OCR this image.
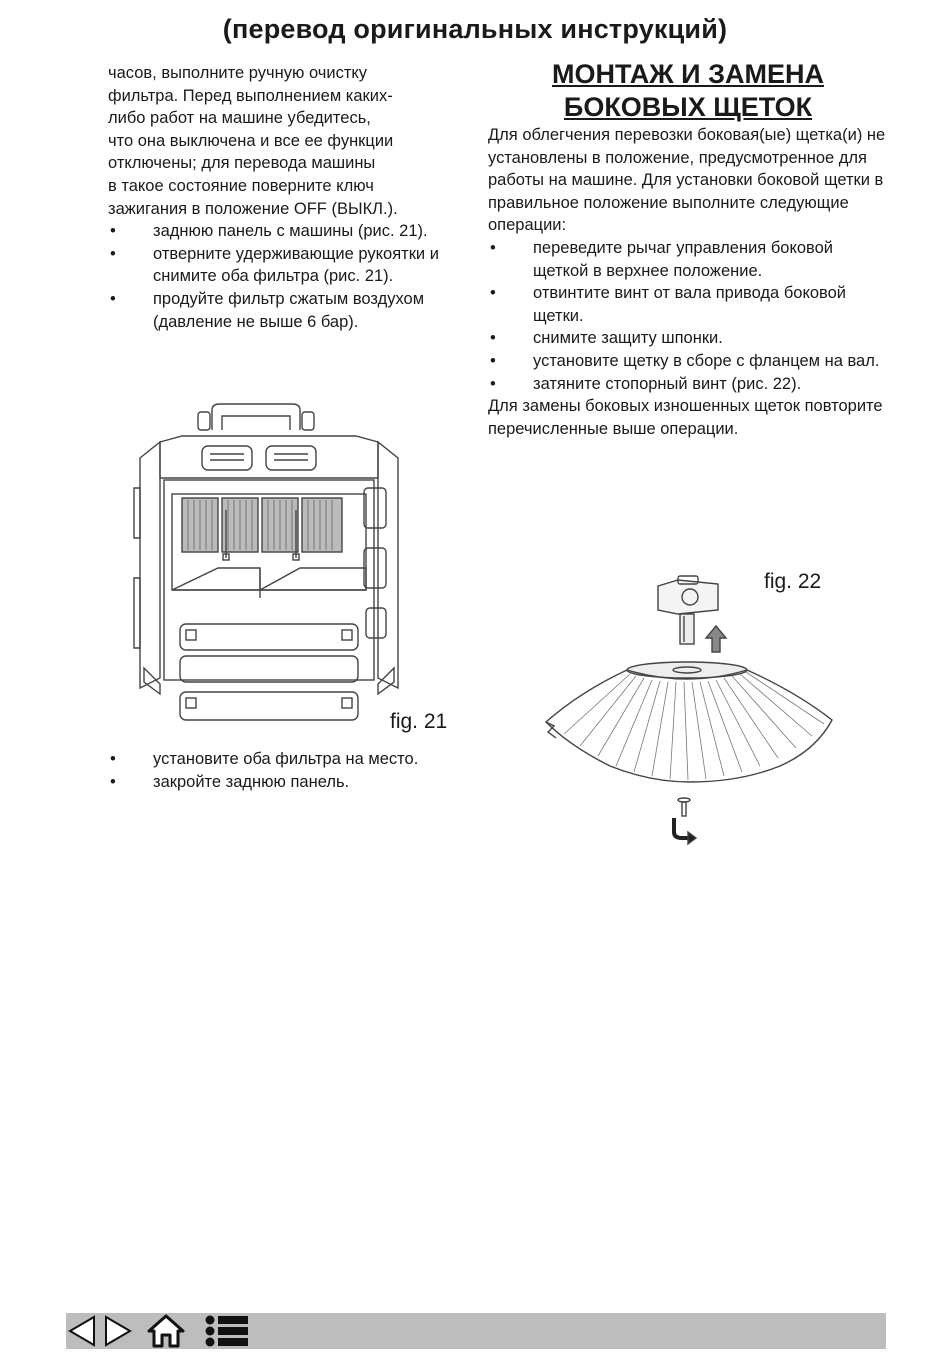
(перевод оригинальных инструкций)
часов, выполните ручную очистку
фильтра. Перед выполнением каких-
либо работ на машине убедитесь,
что она выключена и все ее функции
отключены; для перевода машины
в такое состояние поверните ключ
зажигания в положение OFF (ВЫКЛ.).
• заднюю панель с машины (рис. 21).
• отверните удерживающие рукоятки и снимите оба фильтра (рис. 21).
• продуйте фильтр сжатым воздухом (давление не выше 6 бар).
fig. 21
• установите оба фильтра на место.
• закройте заднюю панель.
МОНТАЖ И ЗАМЕНА
БОКОВЫХ ЩЕТОК
Для облегчения перевозки боковая(ые) щетка(и) не установлены в положение, предусмотренное для работы на машине. Для установки боковой щетки в правильное положение выполните следующие операции:
• переведите рычаг управления боковой щеткой в верхнее положение.
• отвинтите винт от вала привода боковой щетки.
• снимите защиту шпонки.
• установите щетку в сборе с фланцем на вал.
• затяните стопорный винт (рис. 22).
Для замены боковых изношенных щеток повторите перечисленные выше операции.
fig. 22
